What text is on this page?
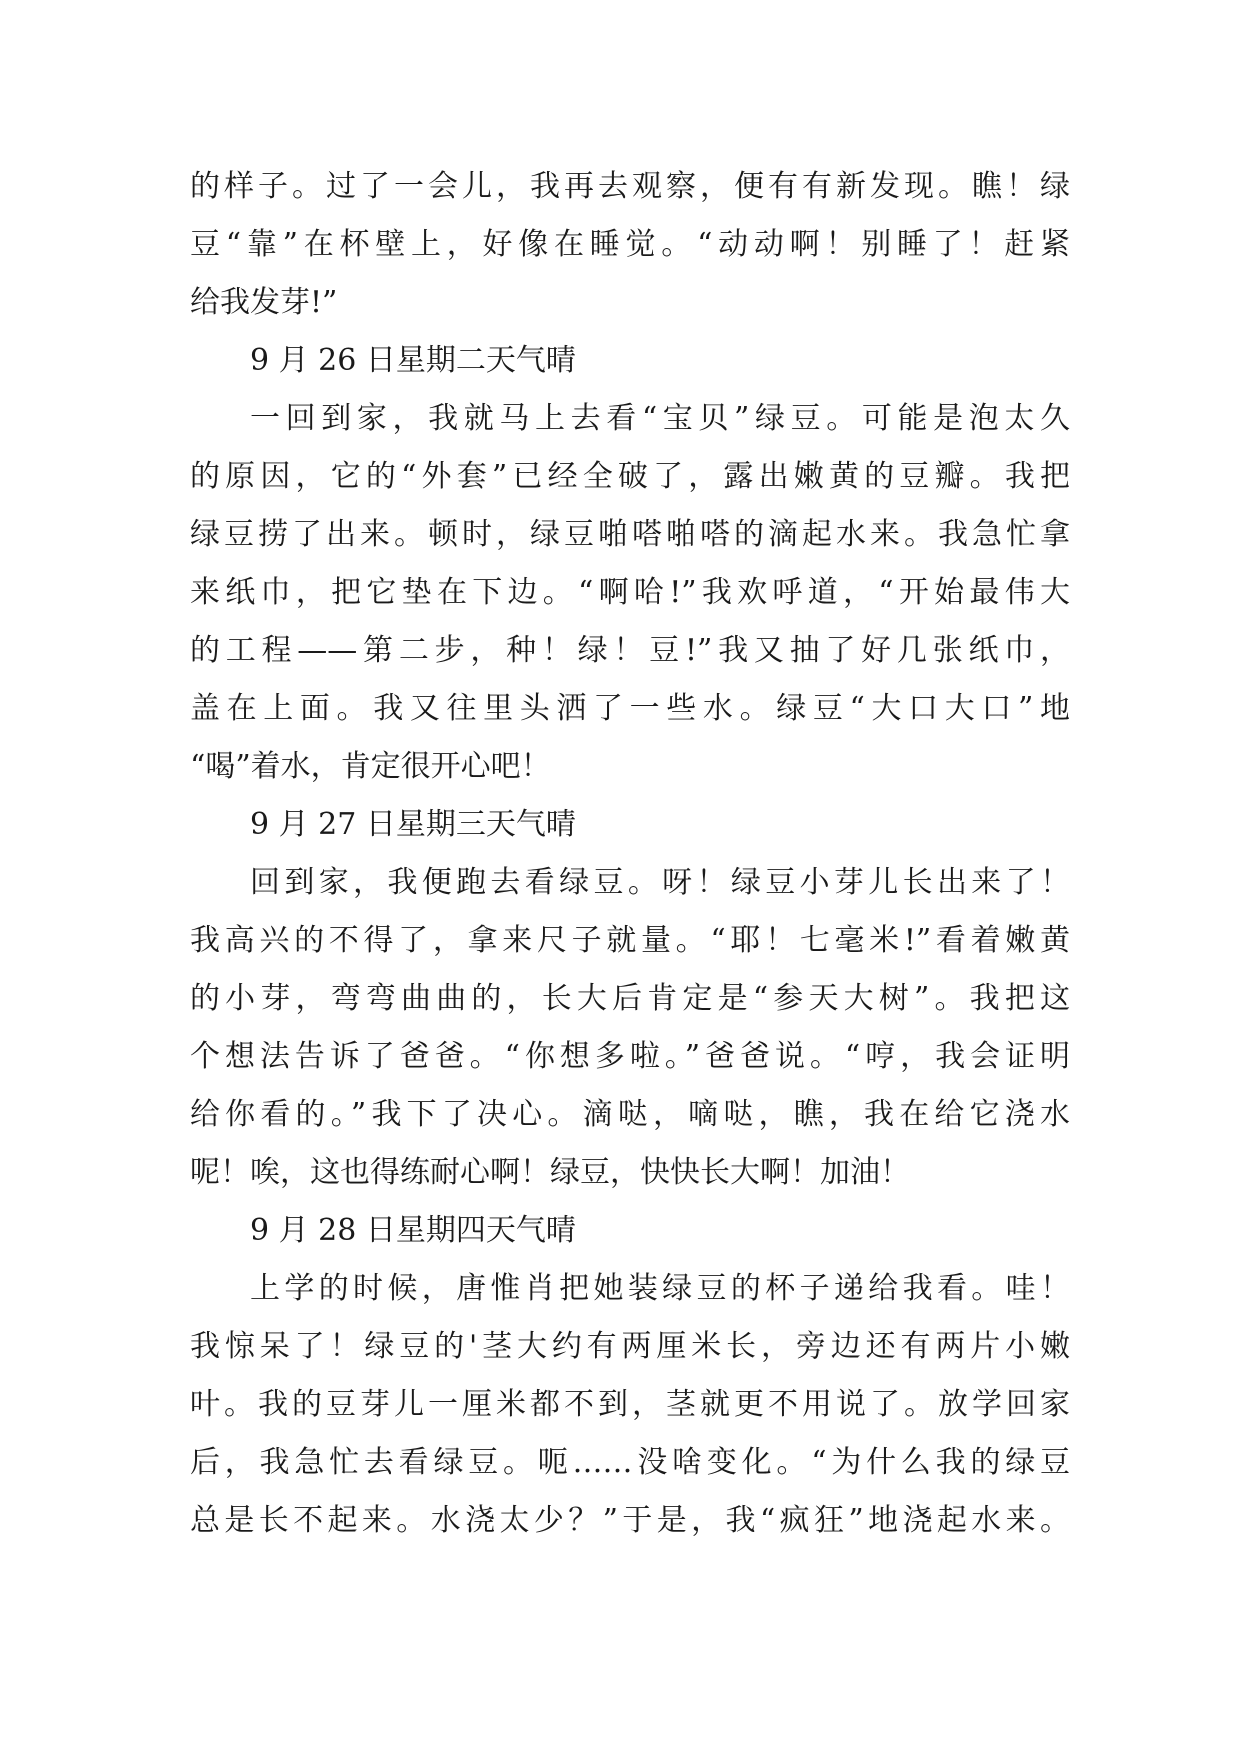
的样子。过了一会儿，我再去观察，便有有新发现。瞧！绿
豆“靠”在杯壁上，好像在睡觉。“动动啊！别睡了！赶紧
给我发芽!”
9 月 26 日星期二天气晴
一回到家，我就马上去看“宝贝”绿豆。可能是泡太久
的原因，它的“外套”已经全破了，露出嫩黄的豆瓣。我把
绿豆捞了出来。顿时，绿豆啪嗒啪嗒的滴起水来。我急忙拿
来纸巾，把它垫在下边。“啊哈!”我欢呼道，“开始最伟大
的工程——第二步，种！绿！豆!”我又抽了好几张纸巾，
盖在上面。我又往里头洒了一些水。绿豆“大口大口”地
“喝”着水，肯定很开心吧！
9 月 27 日星期三天气晴
回到家，我便跑去看绿豆。呀！绿豆小芽儿长出来了！
我高兴的不得了，拿来尺子就量。“耶！七毫米!”看着嫩黄
的小芽，弯弯曲曲的，长大后肯定是“参天大树”。我把这
个想法告诉了爸爸。“你想多啦。”爸爸说。“哼，我会证明
给你看的。”我下了决心。滴哒，嘀哒，瞧，我在给它浇水
呢！唉，这也得练耐心啊！绿豆，快快长大啊！加油！
9 月 28 日星期四天气晴
上学的时候，唐惟肖把她装绿豆的杯子递给我看。哇！
我惊呆了！绿豆的'茎大约有两厘米长，旁边还有两片小嫩
叶。我的豆芽儿一厘米都不到，茎就更不用说了。放学回家
后，我急忙去看绿豆。呃……没啥变化。“为什么我的绿豆
总是长不起来。水浇太少？”于是，我“疯狂”地浇起水来。
